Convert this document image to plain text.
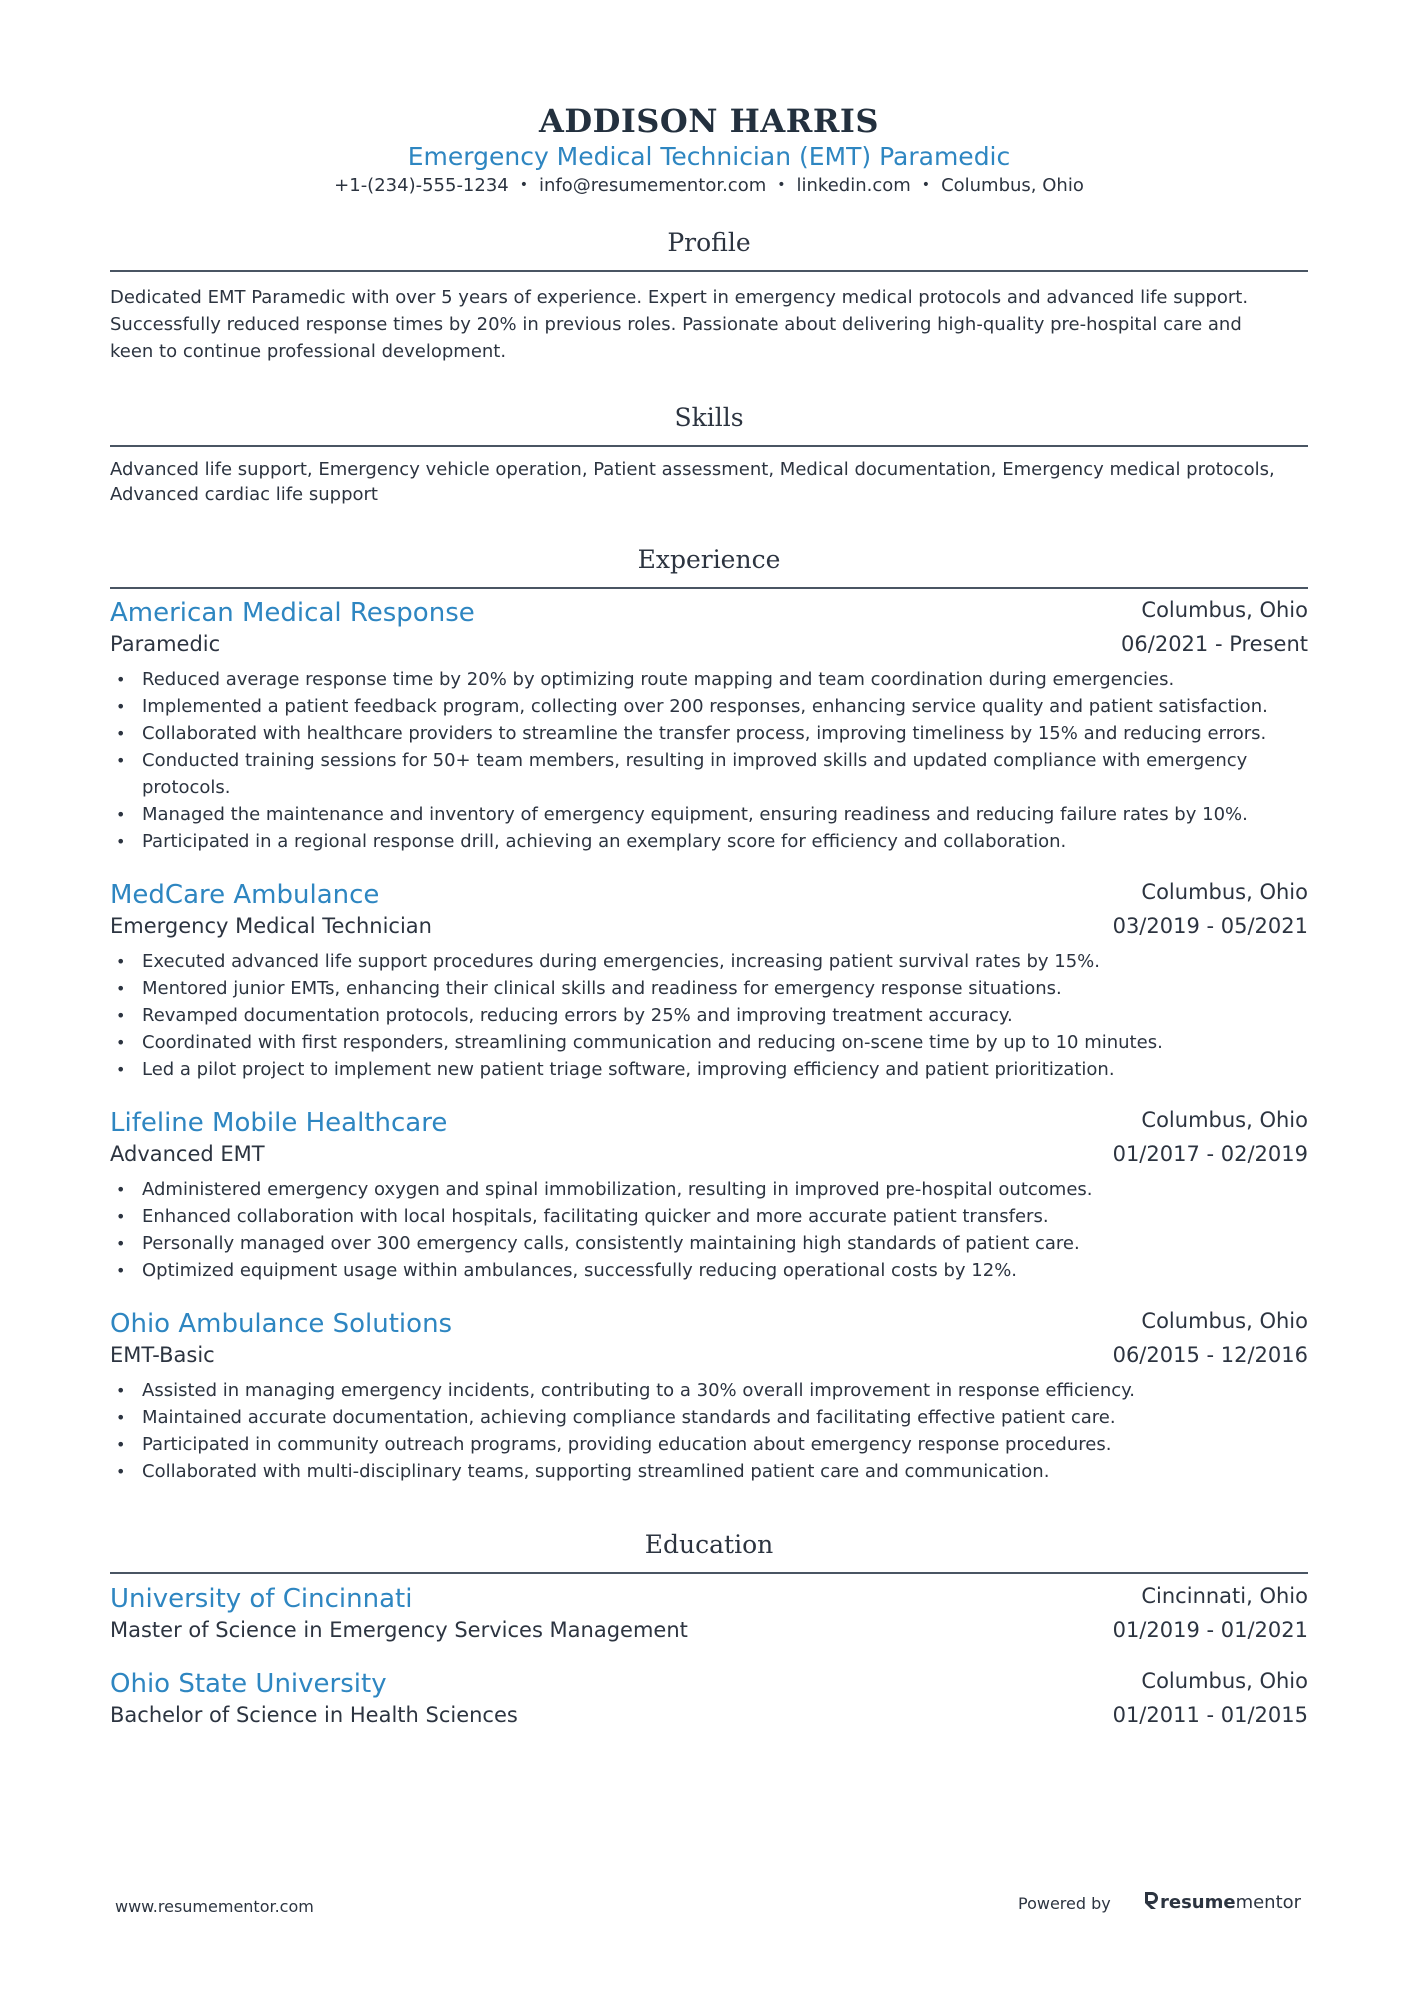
ADDISON HARRIS
Emergency Medical Technician (EMT) Paramedic
+1-(234)-555-1234 • info@resumementor.com • linkedin.com • Columbus, Ohio
Profile
Dedicated EMT Paramedic with over 5 years of experience. Expert in emergency medical protocols and advanced life support.
Successfully reduced response times by 20% in previous roles. Passionate about delivering high-quality pre-hospital care and
keen to continue professional development.
Skills
Advanced life support, Emergency vehicle operation, Patient assessment, Medical documentation, Emergency medical protocols,
Advanced cardiac life support
Experience
American Medical Response	Columbus, Ohio
Paramedic	06/2021 - Present
• Reduced average response time by 20% by optimizing route mapping and team coordination during emergencies.
• Implemented a patient feedback program, collecting over 200 responses, enhancing service quality and patient satisfaction.
• Collaborated with healthcare providers to streamline the transfer process, improving timeliness by 15% and reducing errors.
• Conducted training sessions for 50+ team members, resulting in improved skills and updated compliance with emergency protocols.
• Managed the maintenance and inventory of emergency equipment, ensuring readiness and reducing failure rates by 10%.
• Participated in a regional response drill, achieving an exemplary score for efficiency and collaboration.
MedCare Ambulance	Columbus, Ohio
Emergency Medical Technician	03/2019 - 05/2021
• Executed advanced life support procedures during emergencies, increasing patient survival rates by 15%.
• Mentored junior EMTs, enhancing their clinical skills and readiness for emergency response situations.
• Revamped documentation protocols, reducing errors by 25% and improving treatment accuracy.
• Coordinated with first responders, streamlining communication and reducing on-scene time by up to 10 minutes.
• Led a pilot project to implement new patient triage software, improving efficiency and patient prioritization.
Lifeline Mobile Healthcare	Columbus, Ohio
Advanced EMT	01/2017 - 02/2019
• Administered emergency oxygen and spinal immobilization, resulting in improved pre-hospital outcomes.
• Enhanced collaboration with local hospitals, facilitating quicker and more accurate patient transfers.
• Personally managed over 300 emergency calls, consistently maintaining high standards of patient care.
• Optimized equipment usage within ambulances, successfully reducing operational costs by 12%.
Ohio Ambulance Solutions	Columbus, Ohio
EMT-Basic	06/2015 - 12/2016
• Assisted in managing emergency incidents, contributing to a 30% overall improvement in response efficiency.
• Maintained accurate documentation, achieving compliance standards and facilitating effective patient care.
• Participated in community outreach programs, providing education about emergency response procedures.
• Collaborated with multi-disciplinary teams, supporting streamlined patient care and communication.
Education
University of Cincinnati	Cincinnati, Ohio
Master of Science in Emergency Services Management	01/2019 - 01/2021
Ohio State University	Columbus, Ohio
Bachelor of Science in Health Sciences	01/2011 - 01/2015
www.resumementor.com	Powered by	resumementor
